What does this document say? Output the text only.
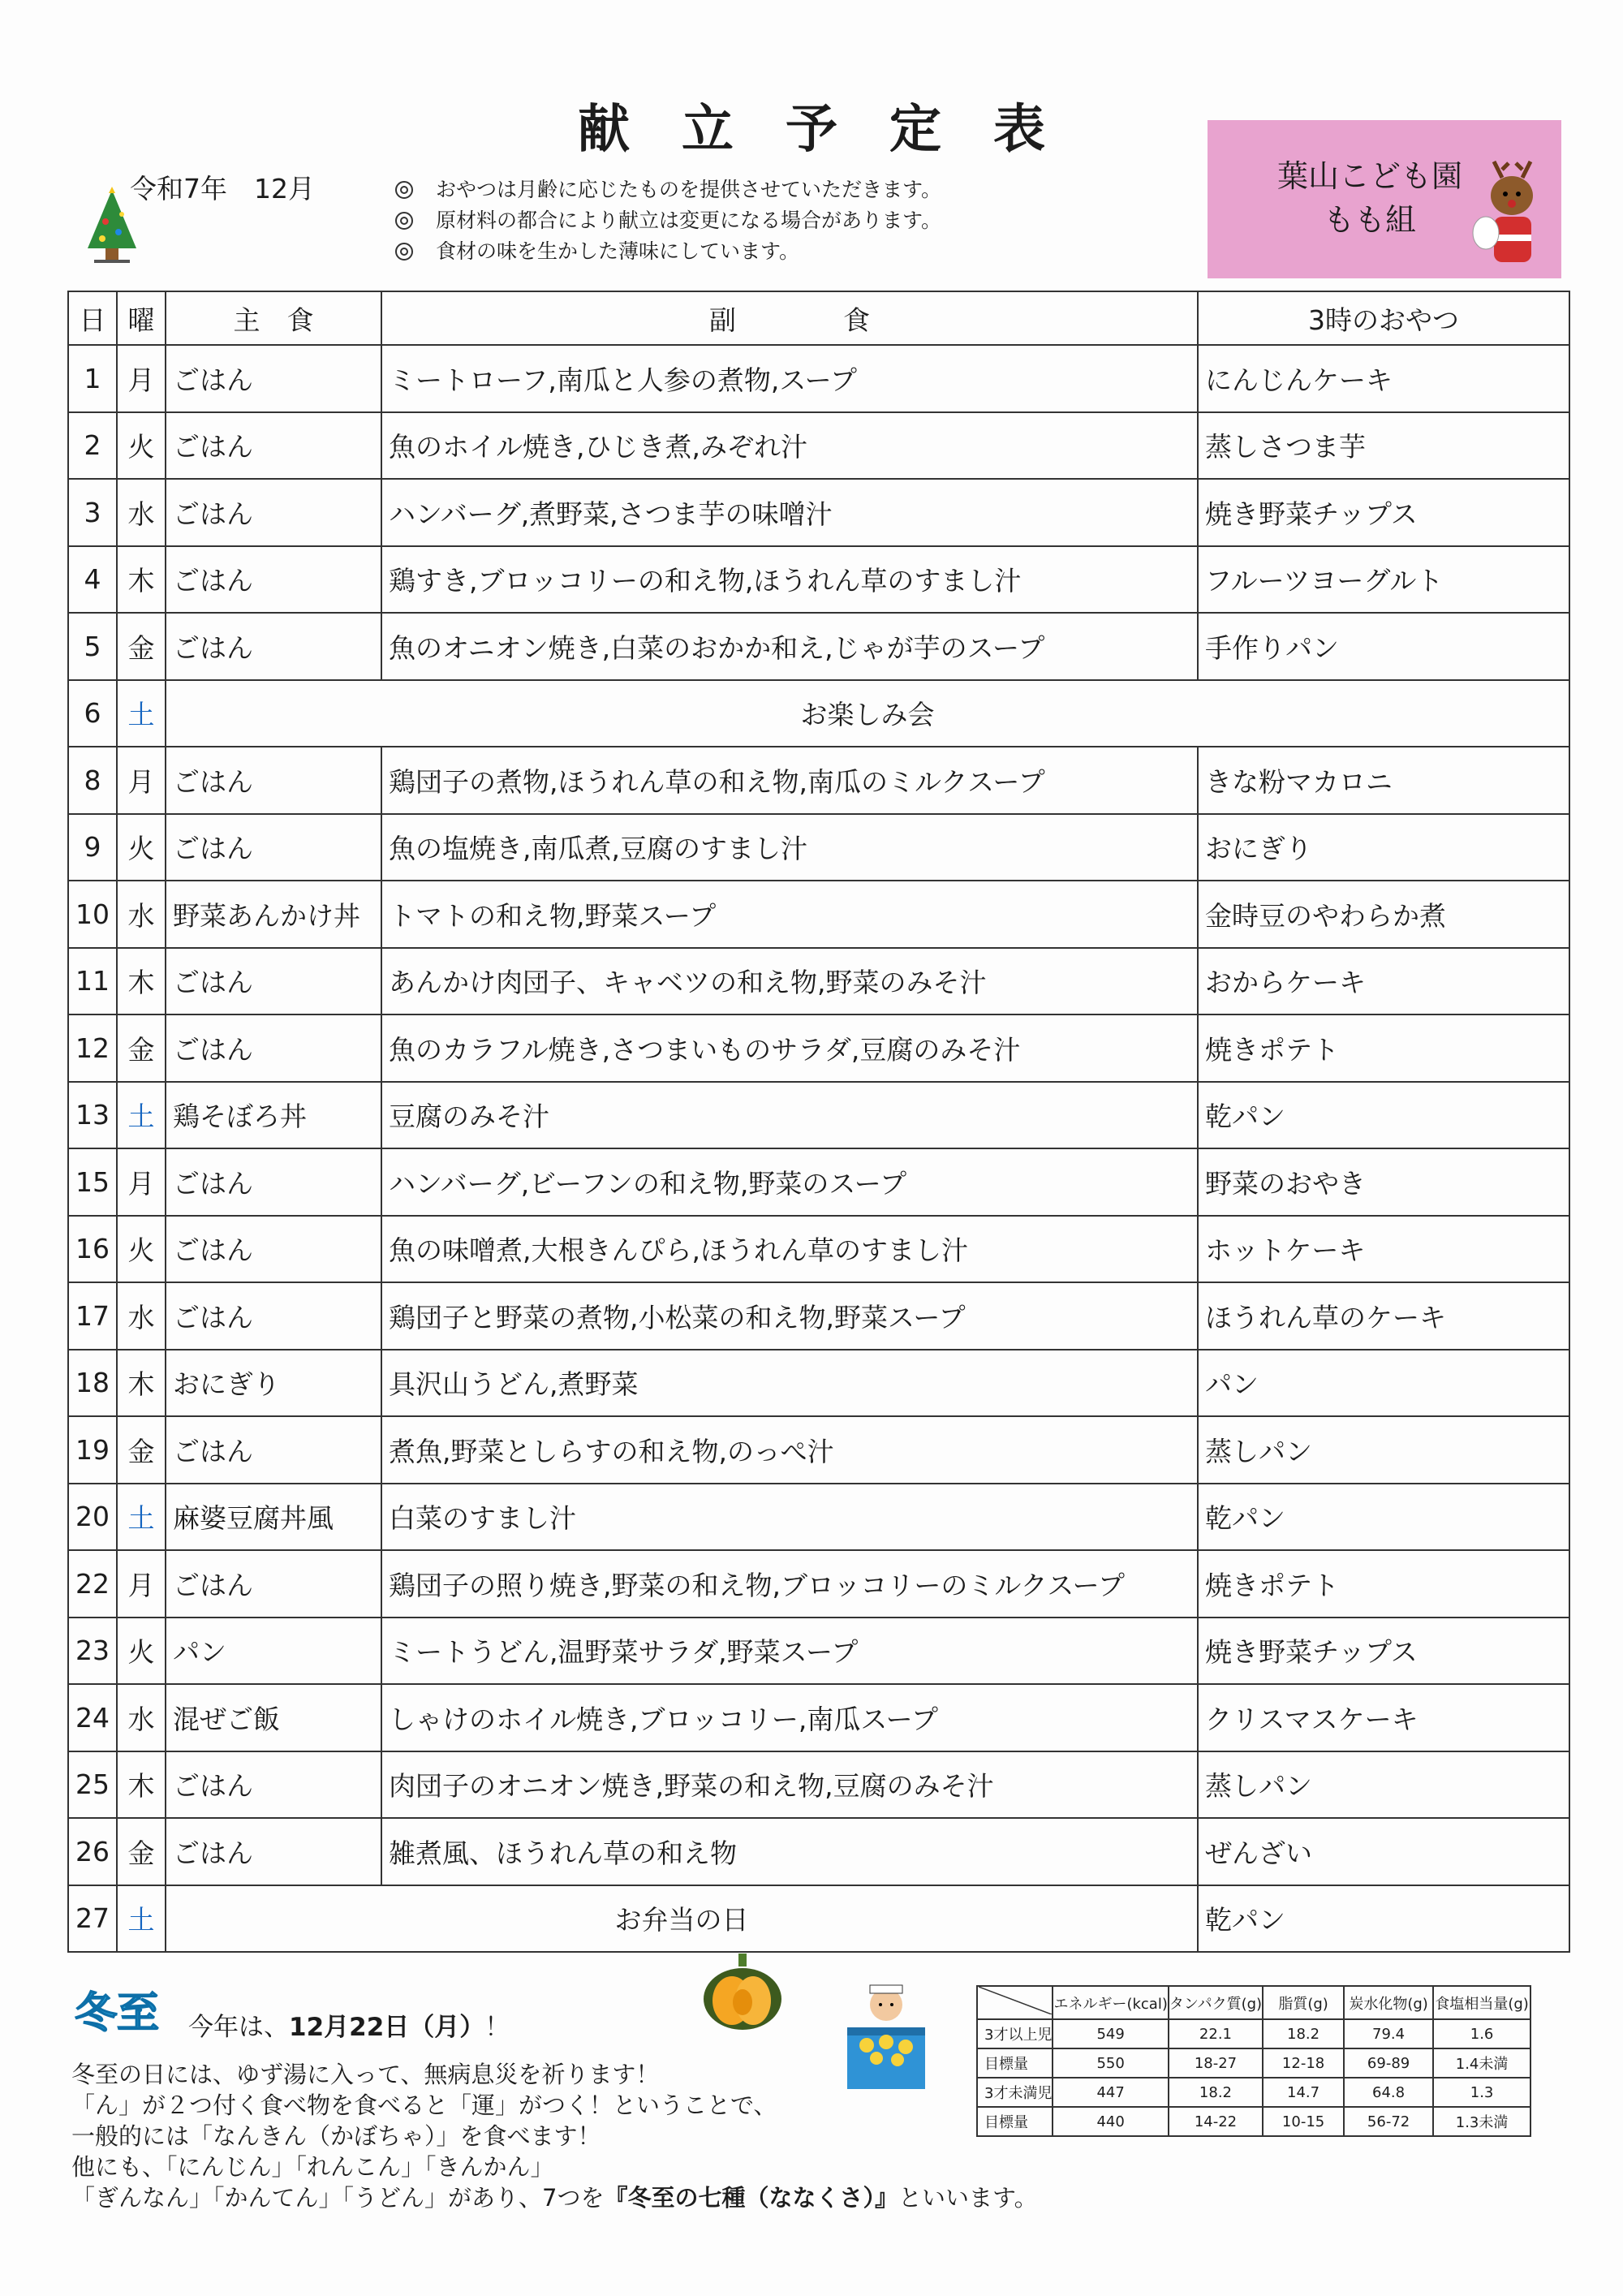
献 立 予 定 表
令和7年　12月	おやつは月齢に応じたものを提供させていただきます。
原材料の都合により献立は変更になる場合があります。
食材の味を生かした薄味にしています。
葉山こども園
もも組
日	曜	主　食	副　　　　食	3時のおやつ
1	月	ごはん	ミートローフ,南瓜と人参の煮物,スープ	にんじんケーキ
2	火	ごはん	魚のホイル焼き,ひじき煮,みぞれ汁	蒸しさつま芋
3	水	ごはん	ハンバーグ,煮野菜,さつま芋の味噌汁	焼き野菜チップス
4	木	ごはん	鶏すき,ブロッコリーの和え物,ほうれん草のすまし汁	フルーツヨーグルト
5	金	ごはん	魚のオニオン焼き,白菜のおかか和え,じゃが芋のスープ	手作りパン
6	土	お楽しみ会		
8	月	ごはん	鶏団子の煮物,ほうれん草の和え物,南瓜のミルクスープ	きな粉マカロニ
9	火	ごはん	魚の塩焼き,南瓜煮,豆腐のすまし汁	おにぎり
10	水	野菜あんかけ丼	トマトの和え物,野菜スープ	金時豆のやわらか煮
11	木	ごはん	あんかけ肉団子、キャベツの和え物,野菜のみそ汁	おからケーキ
12	金	ごはん	魚のカラフル焼き,さつまいものサラダ,豆腐のみそ汁	焼きポテト
13	土	鶏そぼろ丼	豆腐のみそ汁	乾パン
15	月	ごはん	ハンバーグ,ビーフンの和え物,野菜のスープ	野菜のおやき
16	火	ごはん	魚の味噌煮,大根きんぴら,ほうれん草のすまし汁	ホットケーキ
17	水	ごはん	鶏団子と野菜の煮物,小松菜の和え物,野菜スープ	ほうれん草のケーキ
18	木	おにぎり	具沢山うどん,煮野菜	パン
19	金	ごはん	煮魚,野菜としらすの和え物,のっぺ汁	蒸しパン
20	土	麻婆豆腐丼風	白菜のすまし汁	乾パン
22	月	ごはん	鶏団子の照り焼き,野菜の和え物,ブロッコリーのミルクスープ	焼きポテト
23	火	パン	ミートうどん,温野菜サラダ,野菜スープ	焼き野菜チップス
24	水	混ぜご飯	しゃけのホイル焼き,ブロッコリー,南瓜スープ	クリスマスケーキ
25	木	ごはん	肉団子のオニオン焼き,野菜の和え物,豆腐のみそ汁	蒸しパン
26	金	ごはん	雑煮風、ほうれん草の和え物	ぜんざい
27	土	お弁当の日		乾パン
冬至 今年は、12月22日（月）！
冬至の日には、ゆず湯に入って、無病息災を祈ります！
「ん」が２つ付く食べ物を食べると「運」がつく！ということで、
一般的には「なんきん（かぼちゃ）」を食べます！
他にも、「にんじん」「れんこん」「きんかん」
「ぎんなん」「かんてん」「うどん」があり、7つを『冬至の七種（ななくさ）』といいます。
	エネルギー(kcal)	タンパク質(g)	脂質(g)	炭水化物(g)	食塩相当量(g)
3才以上児	549	22.1	18.2	79.4	1.6
目標量	550	18-27	12-18	69-89	1.4未満
3才未満児	447	18.2	14.7	64.8	1.3
目標量	440	14-22	10-15	56-72	1.3未満
